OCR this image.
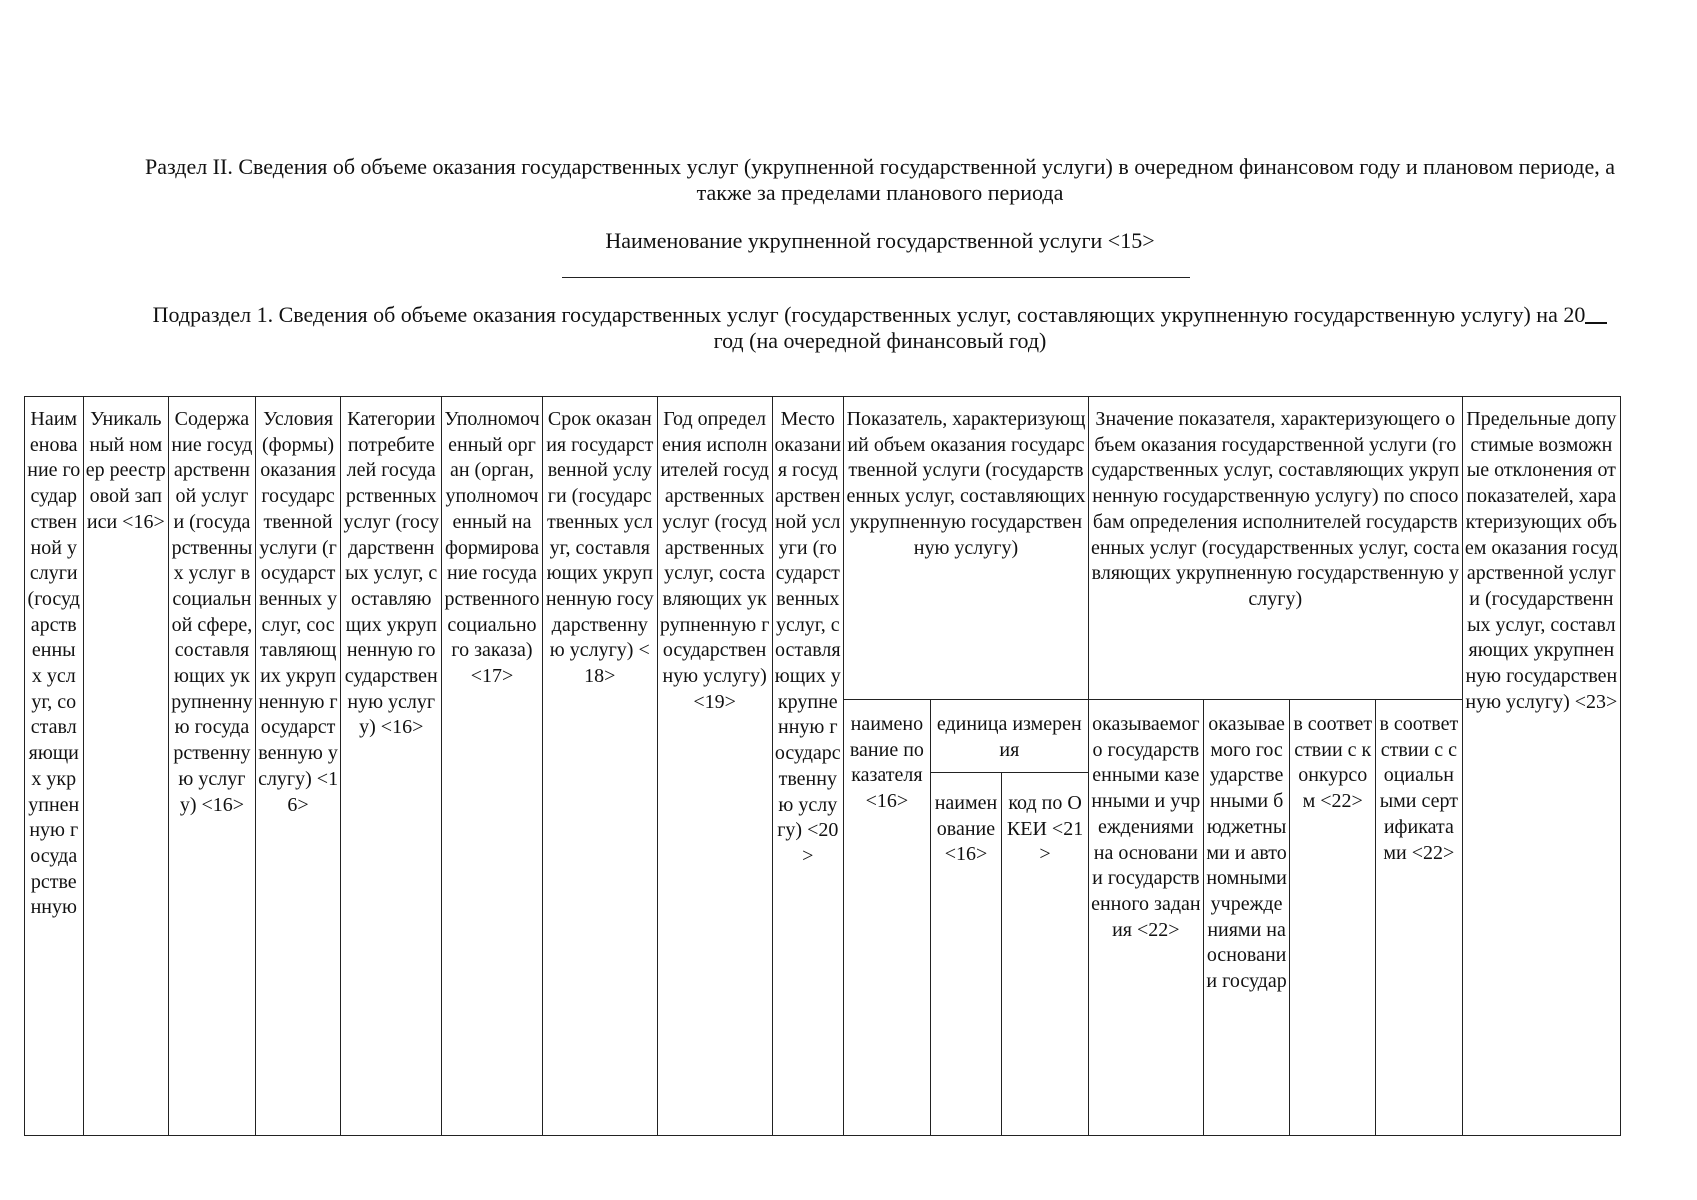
Раздел II. Сведения об объеме оказания государственных услуг (укрупненной государственной услуги) в очередном финансовом году и плановом периоде, а также за пределами планового периода
Наименование укрупненной государственной услуги <15>
Подраздел 1. Сведения об объеме оказания государственных услуг (государственных услуг, составляющих укрупненную государственную услугу) на 20 год (на очередной финансовый год)
Наименование государственной услуги (государственных услуг, составляющих укрупненную государственную	Уникальный номер реестровой записи <16>	Содержание государственной услуги (государственных услуг в социальной сфере, составляющих укрупненную государственную услугу) <16>	Условия (формы) оказания государственной услуги (государственных услуг, составляющих укрупненную государственную услугу) <16>	Категории потребителей государственных услуг (государственных услуг, составляющих укрупненную государственную услугу) <16>	Уполномоченный орган (орган, уполномоченный на формирование государственного социального заказа) <17>	Срок оказания государственной услуги (государственных услуг, составляющих укрупненную государственную услугу) <18>	Год определения исполнителей государственных услуг (государственных услуг, составляющих укрупненную государственную услугу) <19>	Место оказания государственной услуги (государственных услуг, составляющих укрупненную государственную услугу) <20>	Показатель, характеризующий объем оказания государственной услуги (государственных услуг, составляющих укрупненную государственную услугу)			Значение показателя, характеризующего объем оказания государственной услуги (государственных услуг, составляющих укрупненную государственную услугу) по способам определения исполнителей государственных услуг (государственных услуг, составляющих укрупненную государственную услугу)				Предельные допустимые возможные отклонения от показателей, характеризующих объем оказания государственной услуги (государственных услуг, составляющих укрупненную государственную услугу) <23>
									наименование показателя <16>	единица измерения		оказываемого государственными казенными и учреждениями на основании государственного задания <22>	оказываемого государственными бюджетными и автономными учреждениями на основании государ	в соответствии с конкурсом <22>	в соответствии с социальными сертификатами <22>	
										наименование <16>	код по ОКЕИ <21>					
